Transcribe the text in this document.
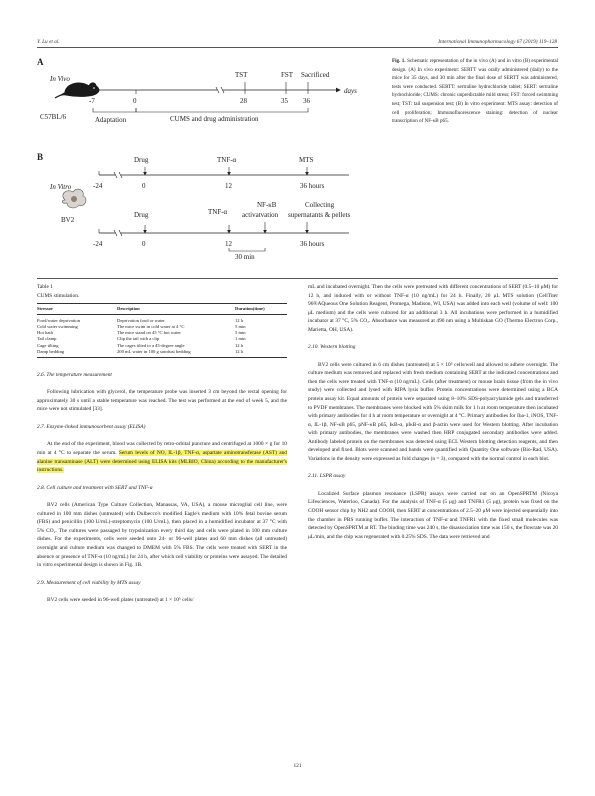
Y. Lu et al.	International Immunopharmacology 67 (2019) 119–128
A
In Vivo
C57BL/6
TST	FST Sacrificed
-7	0	28	35 36
days
Adaptation	CUMS and drug administration
B
In Vitro
BV2
Drug	TNF-α	MTS
-24	0	12	36 hours
Drug	TNF-α
NF-κB
activatvation
Collecting
supernatants & pellets
-24	0	12	36 hours
30 min
Fig. 1. Schematic representation of the in vivo (A) and in vitro (B) experimental design. (A) In vivo experiment: SERTT was orally administered (daily) to the mice for 35 days, and 30 min after the final dose of SERTT was administered, tests were conducted. SERTT: sertraline hydrochloride tablet; SERT: sertraline hydrochloride; CUMS: chronic unpredictable mild stress; FST: forced swimming test; TST: tail suspension test; (B) In vitro experiment: MTS assay: detection of cell proliferation; Immunofluorescence staining: detection of nuclear transcription of NF-κB p65.
Table 1
CUMS stimulation.
Stressor	Description	Duration(time)
Food/water deprivation	Deprivation food or water	12 h
Cold water swimming	The mice swim in cold water at 4 °C	5 min
Hot bath	The mice stand on 45 °C hot water	5 min
Tail clamp	Clip the tail with a clip	1 min
Cage tilting	The cages tilted to a 45-degree angle	12 h
Damp bedding	200 mL water in 100 g sawdust bedding	12 h
2.6. The temperature measurement
Following lubrication with glycerol, the temperature probe was inserted 3 cm beyond the rectal opening for approximately 30 s until a stable temperature was reached. The test was performed at the end of week 5, and the mice were not stimulated [33].
2.7. Enzyme-linked immunosorbent assay (ELISA)
At the end of the experiment, blood was collected by retro-orbital puncture and centrifuged at 1000 × g for 10 min at 4 °C to separate the serum. Serum levels of NO, IL-1β, TNF-α, aspartate aminotransferase (AST) and alanine transaminase (ALT) were determined using ELISA kits (MLBIO, China) according to the manufacturer's instructions.
2.8. Cell culture and treatment with SERT and TNF-α
BV2 cells (American Type Culture Collection, Manassas, VA, USA), a mouse microglial cell line, were cultured in 100 mm dishes (untreated) with Dulbecco's modified Eagle's medium with 10% fetal bovine serum (FBS) and penicillin (100 U/mL)-streptomycin (100 U/mL), then placed in a humidified incubator at 37 °C with 5% CO₂. The cultures were passaged by trypsinization every third day and cells were plated in 100 mm culture dishes. For the experiments, cells were seeded onto 24- or 96-well plates and 60 mm dishes (all untreated) overnight and culture medium was changed to DMEM with 5% FBS. The cells were treated with SERT in the absence or presence of TNF-α (10 ng/mL) for 24 h, after which cell viability or proteins were assayed. The detailed in vitro experimental design is shown in Fig. 1B.
2.9. Measurement of cell viability by MTS assay
BV2 cells were seeded in 96-well plates (untreated) at 1 × 10⁵ cells/
mL and incubated overnight. Then the cells were pretreated with different concentrations of SERT (0.5–10 μM) for 12 h, and induced with or without TNF-α (10 ng/mL) for 24 h. Finally, 20 μL MTS solution (CellTiter 96®AQueous One Solution Reagent, Promega, Madison, WI, USA) was added into each well (volume of well: 100 μL medium) and the cells were cultured for an additional 3 h. All incubations were performed in a humidified incubator at 37 °C, 5% CO₂. Absorbance was measured at 490 nm using a Multiskan GO (Thermo Electron Corp., Marietta, OH, USA).
2.10. Western blotting
BV2 cells were cultured in 6 cm dishes (untreated) at 5 × 10⁵ cells/well and allowed to adhere overnight. The culture medium was removed and replaced with fresh medium containing SERT at the indicated concentrations and then the cells were treated with TNF-α (10 ng/mL). Cells (after treatment) or mouse brain tissue (from the in vivo study) were collected and lysed with RIPA lysis buffer. Protein concentrations were determined using a BCA protein assay kit. Equal amounts of protein were separated using 8–10% SDS-polyacrylamide gels and transferred to PVDF membranes. The membranes were blocked with 5% skim milk for 1 h at room temperature then incubated with primary antibodies for 4 h at room temperature or overnight at 4 °C. Primary antibodies for Iba-1, iNOS, TNF-α, IL-1β, NF-κB p65, pNF-κB p65, IκB-α, pIκB-α and β-actin were used for Western blotting. After incubation with primary antibodies, the membranes were washed then HRP conjugated secondary antibodies were added. Antibody labeled protein on the membranes was detected using ECL Western blotting detection reagents, and then developed and fixed. Blots were scanned and bands were quantified with Quantity One software (Bio-Rad, USA). Variations in the density were expressed as fold changes (n = 3), compared with the normal control in each blot.
2.11. LSPR assay
Localized Surface plasmon resonance (LSPR) assays were carried out on an OpenSPRTM (Nicoya Lifesciences, Waterloo, Canada). For the analysis of TNF-α (5 μg) and TNFR1 (5 μg), protein was fixed on the COOH sensor chip by NH2 and COOH, then SERT at concentrations of 2.5–20 μM were injected sequentially into the chamber in PBS running buffer. The interaction of TNF-α and TNFR1 with the fixed small molecules was detected by OpenSPRTM at RT. The binding time was 240 s, the disassociation time was 150 s, the flowrate was 20 μL/min, and the chip was regenerated with 0.25% SDS. The data were retrieved and
121
